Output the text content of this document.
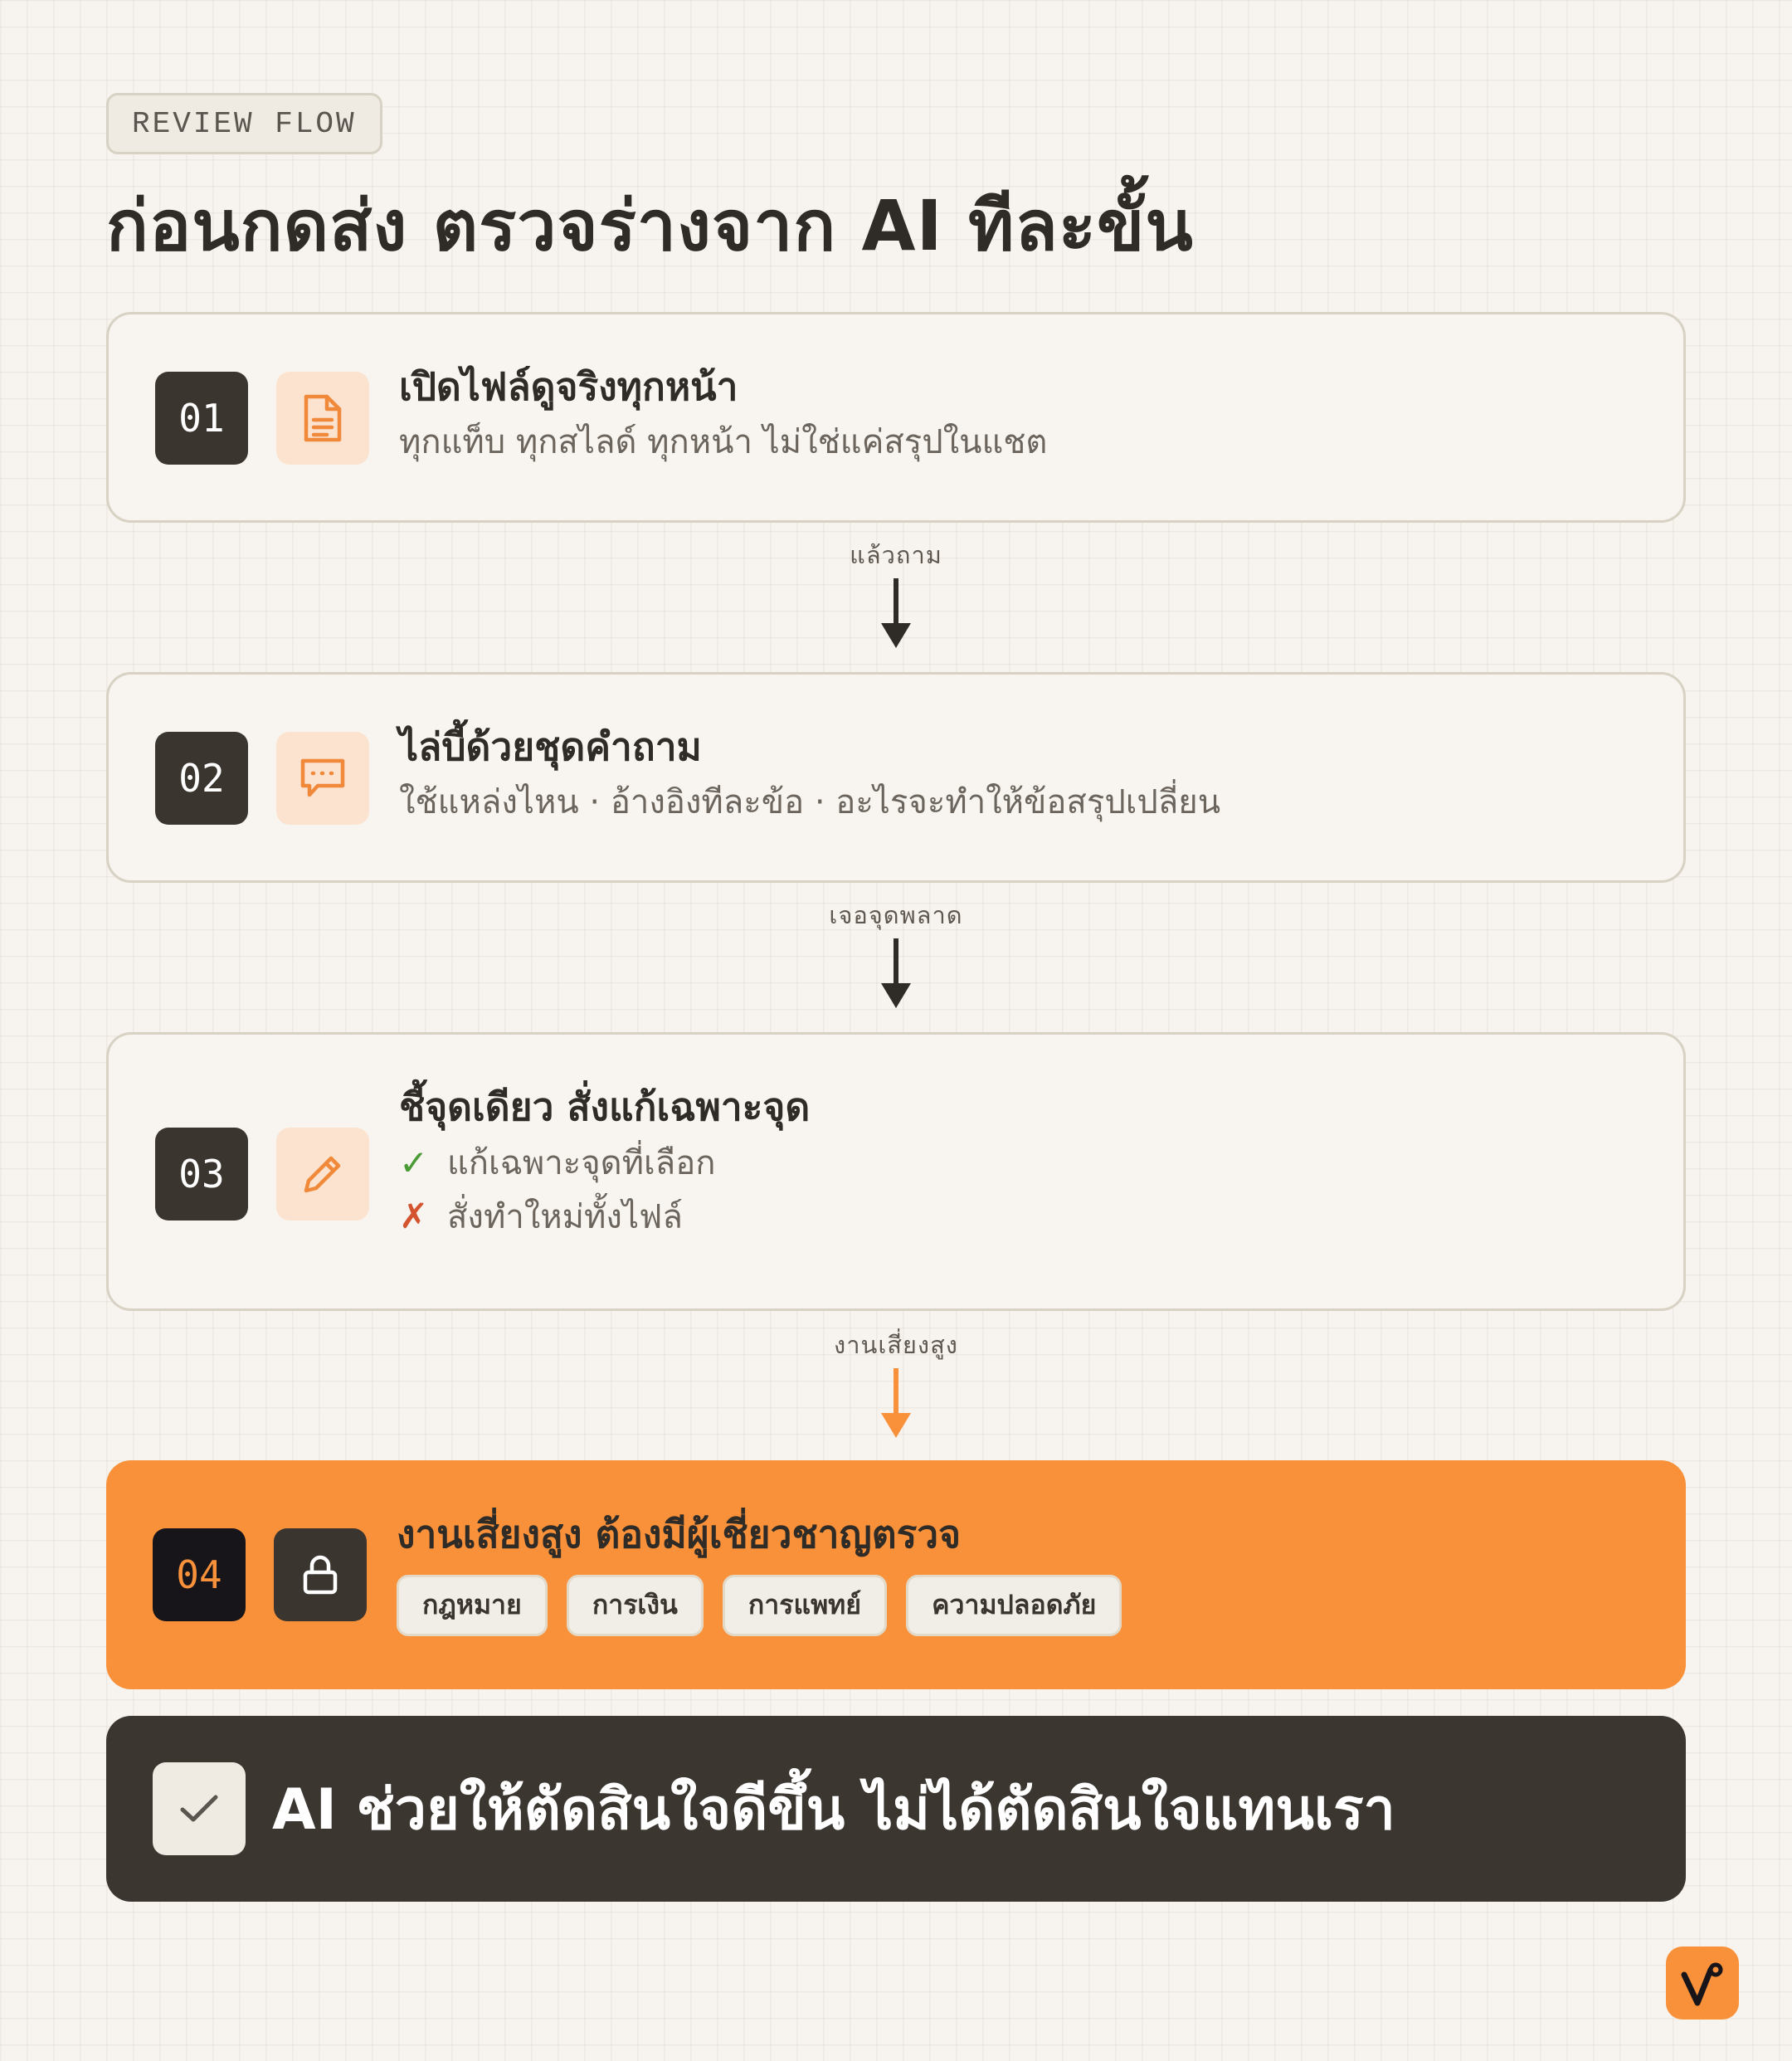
REVIEW FLOW
ก่อนกดส่ง ตรวจร่างจาก AI ทีละขั้น
01
เปิดไฟล์ดูจริงทุกหน้า
ทุกแท็บ ทุกสไลด์ ทุกหน้า ไม่ใช่แค่สรุปในแชต
แล้วถาม
02
ไล่บี้ด้วยชุดคำถาม
ใช้แหล่งไหน · อ้างอิงทีละข้อ · อะไรจะทำให้ข้อสรุปเปลี่ยน
เจอจุดพลาด
03
ชี้จุดเดียว สั่งแก้เฉพาะจุด
✓ แก้เฉพาะจุดที่เลือก
✗ สั่งทำใหม่ทั้งไฟล์
งานเสี่ยงสูง
04
งานเสี่ยงสูง ต้องมีผู้เชี่ยวชาญตรวจ
กฎหมาย	การเงิน	การแพทย์	ความปลอดภัย
AI ช่วยให้ตัดสินใจดีขึ้น ไม่ได้ตัดสินใจแทนเรา
